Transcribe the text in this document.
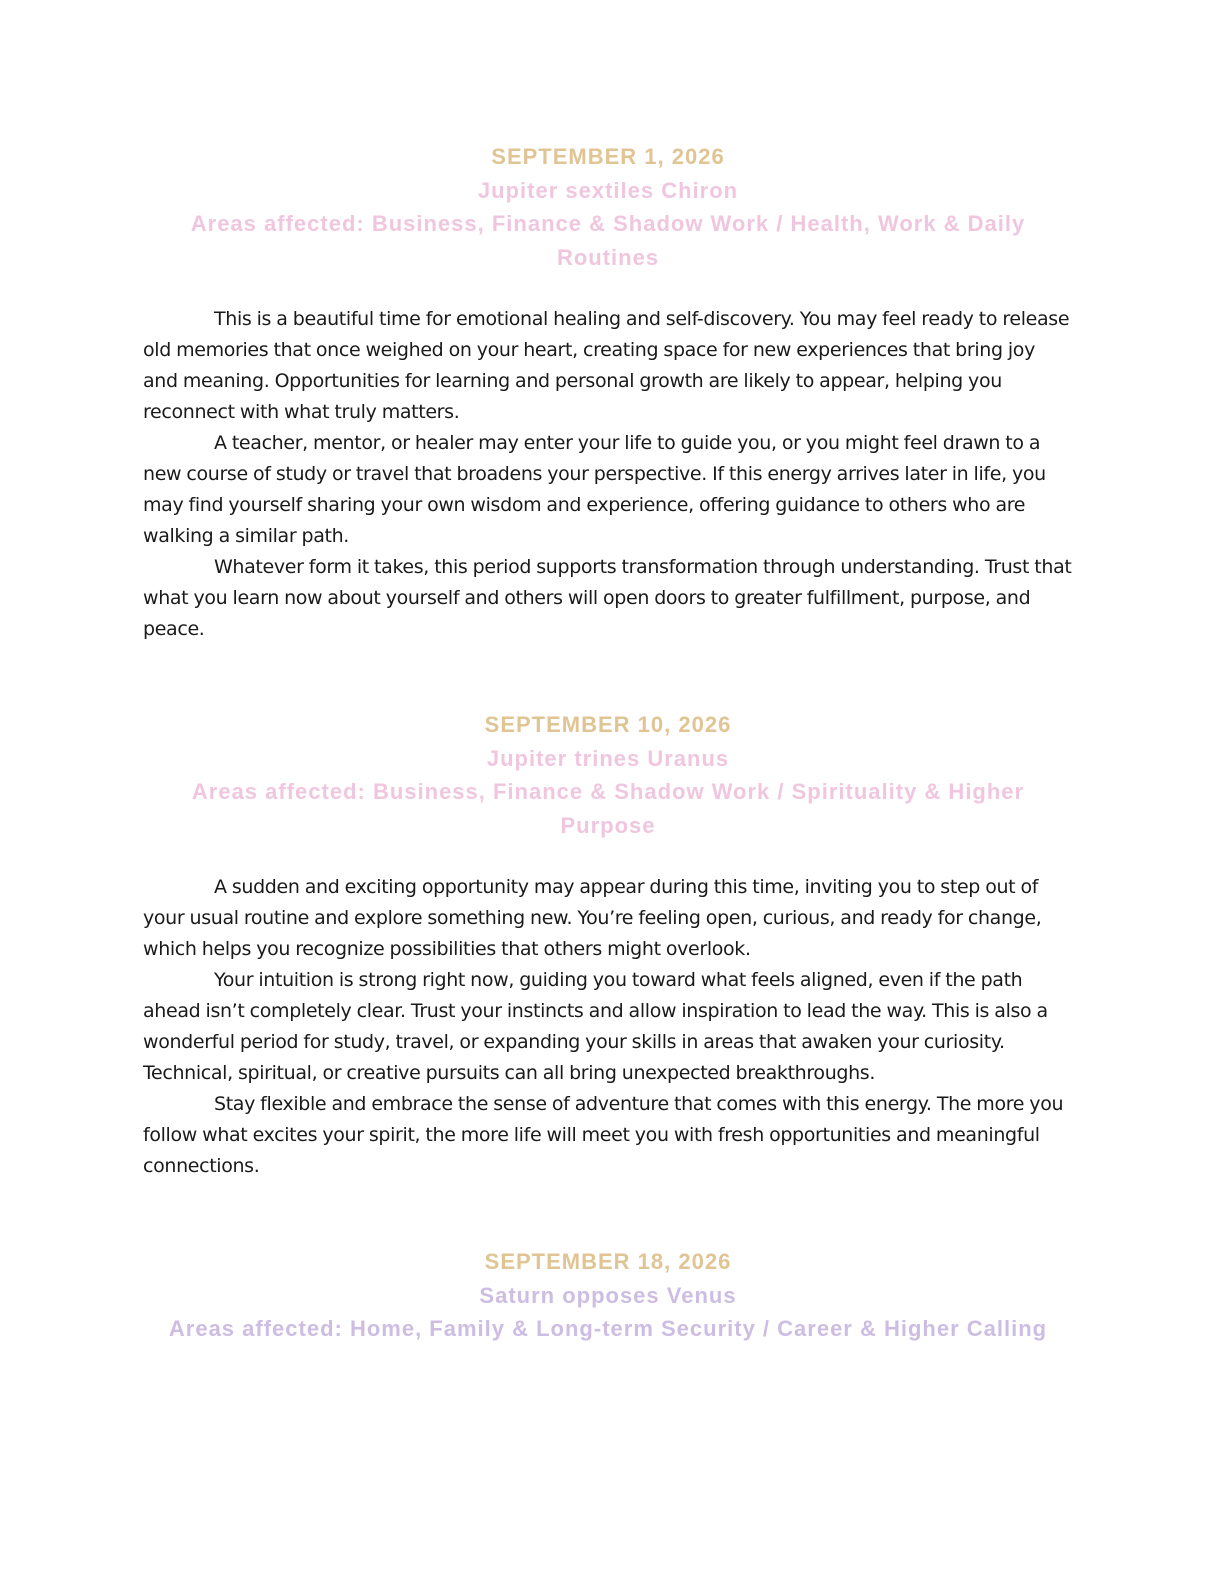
SEPTEMBER 1, 2026
Jupiter sextiles Chiron
Areas affected: Business, Finance & Shadow Work / Health, Work & Daily Routines

This is a beautiful time for emotional healing and self-discovery. You may feel ready to release old memories that once weighed on your heart, creating space for new experiences that bring joy and meaning. Opportunities for learning and personal growth are likely to appear, helping you reconnect with what truly matters.

A teacher, mentor, or healer may enter your life to guide you, or you might feel drawn to a new course of study or travel that broadens your perspective. If this energy arrives later in life, you may find yourself sharing your own wisdom and experience, offering guidance to others who are walking a similar path.

Whatever form it takes, this period supports transformation through understanding. Trust that what you learn now about yourself and others will open doors to greater fulfillment, purpose, and peace.

SEPTEMBER 10, 2026
Jupiter trines Uranus
Areas affected: Business, Finance & Shadow Work / Spirituality & Higher Purpose

A sudden and exciting opportunity may appear during this time, inviting you to step out of your usual routine and explore something new. You’re feeling open, curious, and ready for change, which helps you recognize possibilities that others might overlook.

Your intuition is strong right now, guiding you toward what feels aligned, even if the path ahead isn’t completely clear. Trust your instincts and allow inspiration to lead the way. This is also a wonderful period for study, travel, or expanding your skills in areas that awaken your curiosity. Technical, spiritual, or creative pursuits can all bring unexpected breakthroughs.

Stay flexible and embrace the sense of adventure that comes with this energy. The more you follow what excites your spirit, the more life will meet you with fresh opportunities and meaningful connections.

SEPTEMBER 18, 2026
Saturn opposes Venus
Areas affected: Home, Family & Long-term Security / Career & Higher Calling
